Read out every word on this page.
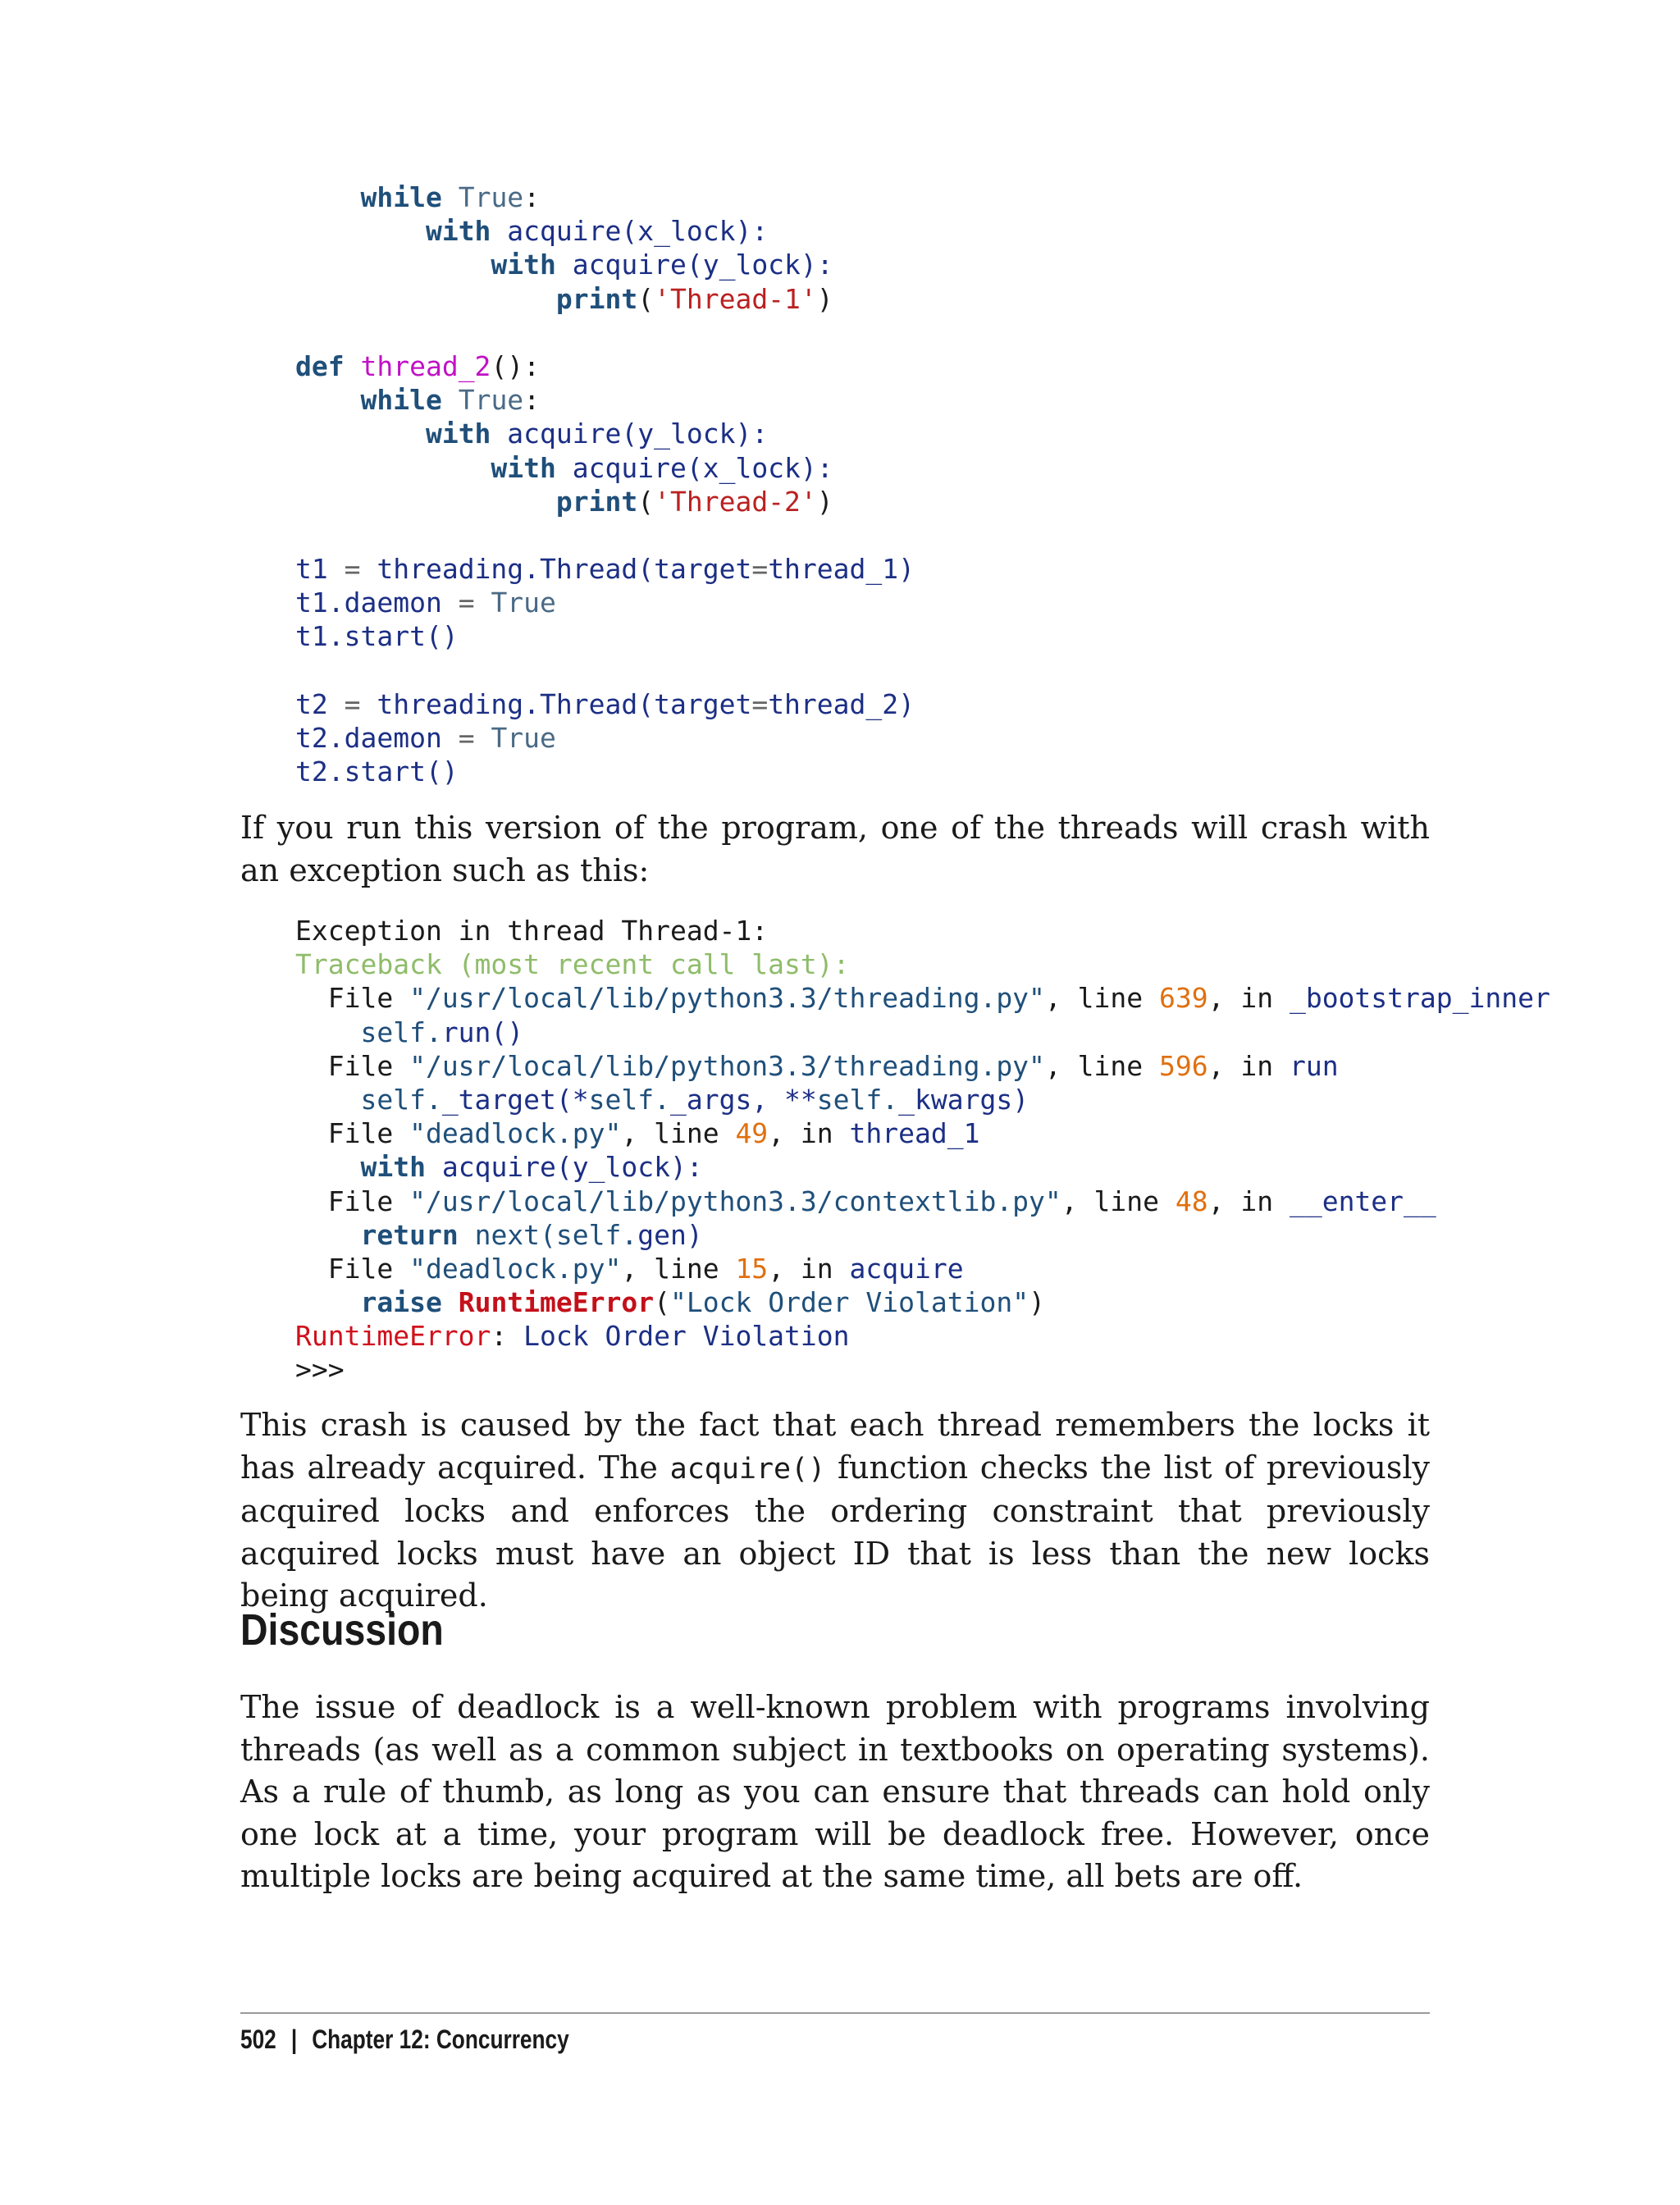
while True:
with acquire(x_lock):
with acquire(y_lock):
print('Thread-1')
def thread_2():
while True:
with acquire(y_lock):
with acquire(x_lock):
print('Thread-2')
t1 = threading.Thread(target=thread_1)
t1.daemon = True
t1.start()
t2 = threading.Thread(target=thread_2)
t2.daemon = True
t2.start()

If you run this version of the program, one of the threads will crash with an exception such as this:

Exception in thread Thread-1:
Traceback (most recent call last):
File "/usr/local/lib/python3.3/threading.py", line 639, in _bootstrap_inner
self.run()
File "/usr/local/lib/python3.3/threading.py", line 596, in run
self._target(*self._args, **self._kwargs)
File "deadlock.py", line 49, in thread_1
with acquire(y_lock):
File "/usr/local/lib/python3.3/contextlib.py", line 48, in __enter__
return next(self.gen)
File "deadlock.py", line 15, in acquire
raise RuntimeError("Lock Order Violation")
RuntimeError: Lock Order Violation
>>>

This crash is caused by the fact that each thread remembers the locks it has already acquired. The acquire() function checks the list of previously acquired locks and enforces the ordering constraint that previously acquired locks must have an object ID that is less than the new locks being acquired.

Discussion

The issue of deadlock is a well-known problem with programs involving threads (as well as a common subject in textbooks on operating systems). As a rule of thumb, as long as you can ensure that threads can hold only one lock at a time, your program will be deadlock free. However, once multiple locks are being acquired at the same time, all bets are off.

502 | Chapter 12: Concurrency
